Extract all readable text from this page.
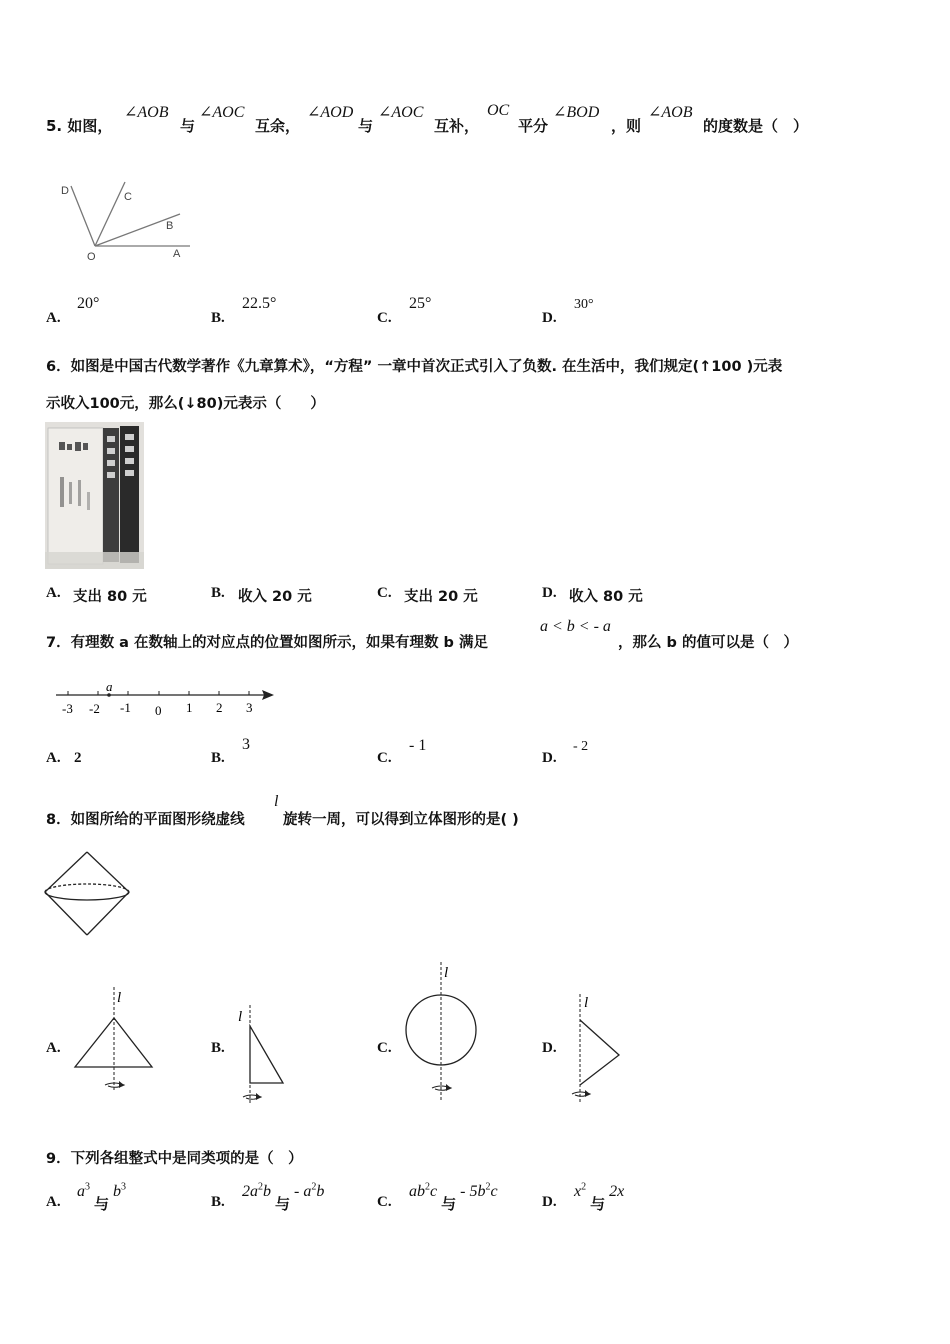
5. 如图，
∠AOB
与
∠AOC
互余，
∠AOD
与
∠AOC
互补，
OC
平分
∠BOD
，则
∠AOB
的度数是（　）
D	C
B
O	A
A.
20°
B.
22.5°
C.
25°
D.
30°
6．如图是中国古代数学著作《九章算术》，“方程” 一章中首次正式引入了负数. 在生活中，我们规定(↑100 )元表
示收入100元，那么(↓80)元表示（　　）
A. 支出 80 元	B. 收入 20 元	C. 支出 20 元	D. 收入 80 元
7．有理数 a 在数轴上的对应点的位置如图所示，如果有理数 b 满足
a < b < - a
，那么 b 的值可以是（　）
a
-3 -2 -1 0 1 2 3
A. 2	B.
3
C.
- 1
D.
- 2
8．如图所给的平面图形绕虚线
l
旋转一周，可以得到立体图形的是( )
A.
l
B.
l
C.
l
D.
l
9．下列各组整式中是同类项的是（　）
A.
$a^3$ 与 $b^3$
B.
$2a^2b$ 与 - $a^2b$
C.
$ab^2c$ 与 - $5b^2c$
D.
$x^2$ 与 2x
